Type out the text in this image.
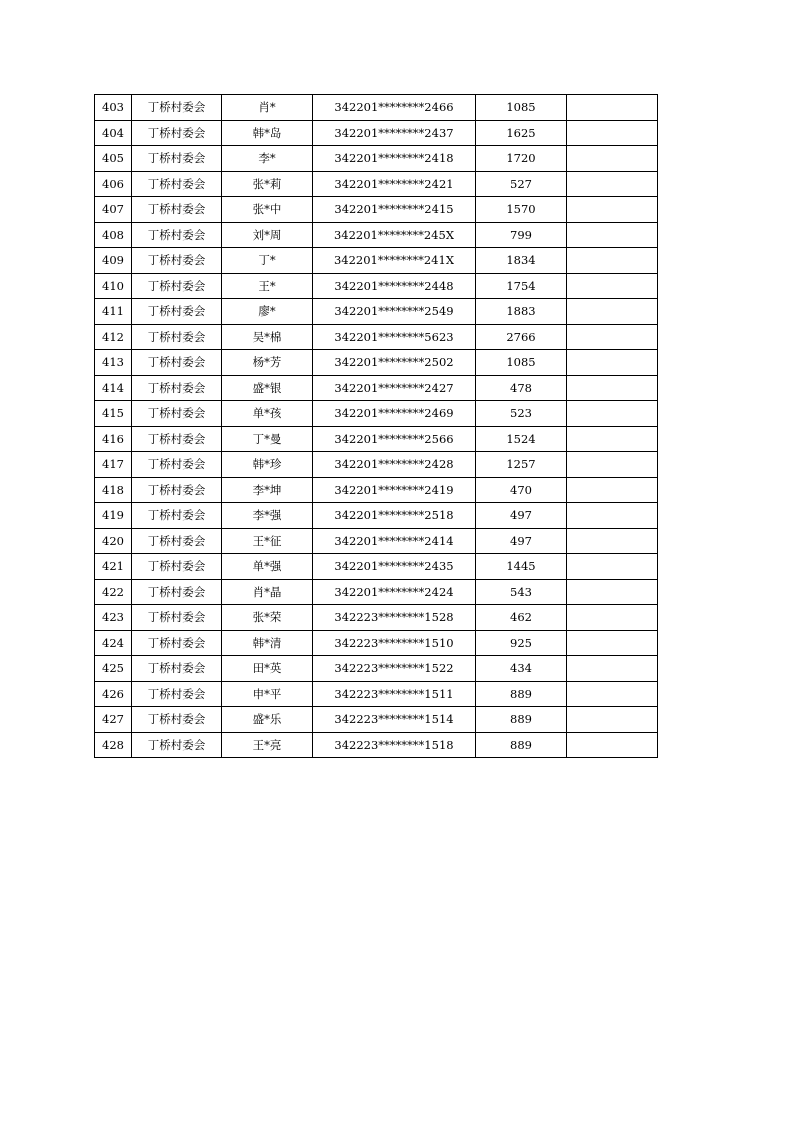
403	丁桥村委会	肖*	342201********2466	1085	
404	丁桥村委会	韩*岛	342201********2437	1625	
405	丁桥村委会	李*	342201********2418	1720	
406	丁桥村委会	张*莉	342201********2421	527	
407	丁桥村委会	张*中	342201********2415	1570	
408	丁桥村委会	刘*周	342201********245X	799	
409	丁桥村委会	丁*	342201********241X	1834	
410	丁桥村委会	王*	342201********2448	1754	
411	丁桥村委会	廖*	342201********2549	1883	
412	丁桥村委会	吴*棉	342201********5623	2766	
413	丁桥村委会	杨*芳	342201********2502	1085	
414	丁桥村委会	盛*银	342201********2427	478	
415	丁桥村委会	单*孩	342201********2469	523	
416	丁桥村委会	丁*曼	342201********2566	1524	
417	丁桥村委会	韩*珍	342201********2428	1257	
418	丁桥村委会	李*坤	342201********2419	470	
419	丁桥村委会	李*强	342201********2518	497	
420	丁桥村委会	王*征	342201********2414	497	
421	丁桥村委会	单*强	342201********2435	1445	
422	丁桥村委会	肖*晶	342201********2424	543	
423	丁桥村委会	张*荣	342223********1528	462	
424	丁桥村委会	韩*清	342223********1510	925	
425	丁桥村委会	田*英	342223********1522	434	
426	丁桥村委会	申*平	342223********1511	889	
427	丁桥村委会	盛*乐	342223********1514	889	
428	丁桥村委会	王*亮	342223********1518	889	
